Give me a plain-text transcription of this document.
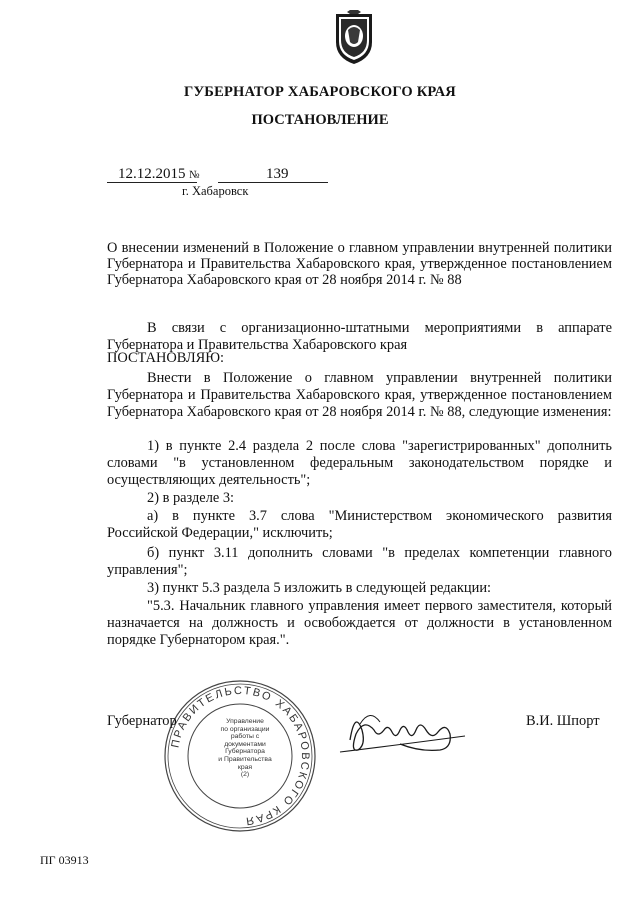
ГУБЕРНАТОР ХАБАРОВСКОГО КРАЯ
ПОСТАНОВЛЕНИЕ
12.12.2015 №	139
г. Хабаровск
О внесении изменений в Положение о главном управлении внутренней политики Губернатора и Правительства Хабаровского края, утвержденное постановлением Губернатора Хабаровского края от 28 ноября 2014 г. № 88
В связи с организационно-штатными мероприятиями в аппарате Губернатора и Правительства Хабаровского края
ПОСТАНОВЛЯЮ:
Внести в Положение о главном управлении внутренней политики Губернатора и Правительства Хабаровского края, утвержденное постановлением Губернатора Хабаровского края от 28 ноября 2014 г. № 88, следующие изменения:
1) в пункте 2.4 раздела 2 после слова "зарегистрированных" дополнить словами "в установленном федеральным законодательством порядке и осуществляющих деятельность";
2) в разделе 3:
а) в пункте 3.7 слова "Министерством экономического развития Российской Федерации," исключить;
б) пункт 3.11 дополнить словами "в пределах компетенции главного управления";
3) пункт 5.3 раздела 5 изложить в следующей редакции:
"5.3. Начальник главного управления имеет первого заместителя, который назначается на должность и освобождается от должности в установленном порядке Губернатором края.".
ПРАВИТЕЛЬСТВО ХАБАРОВСКОГО КРАЯ
Управление
по организации
работы с документами
Губернатора
и Правительства
края
(2)
Губернатор	В.И. Шпорт
ПГ 03913
